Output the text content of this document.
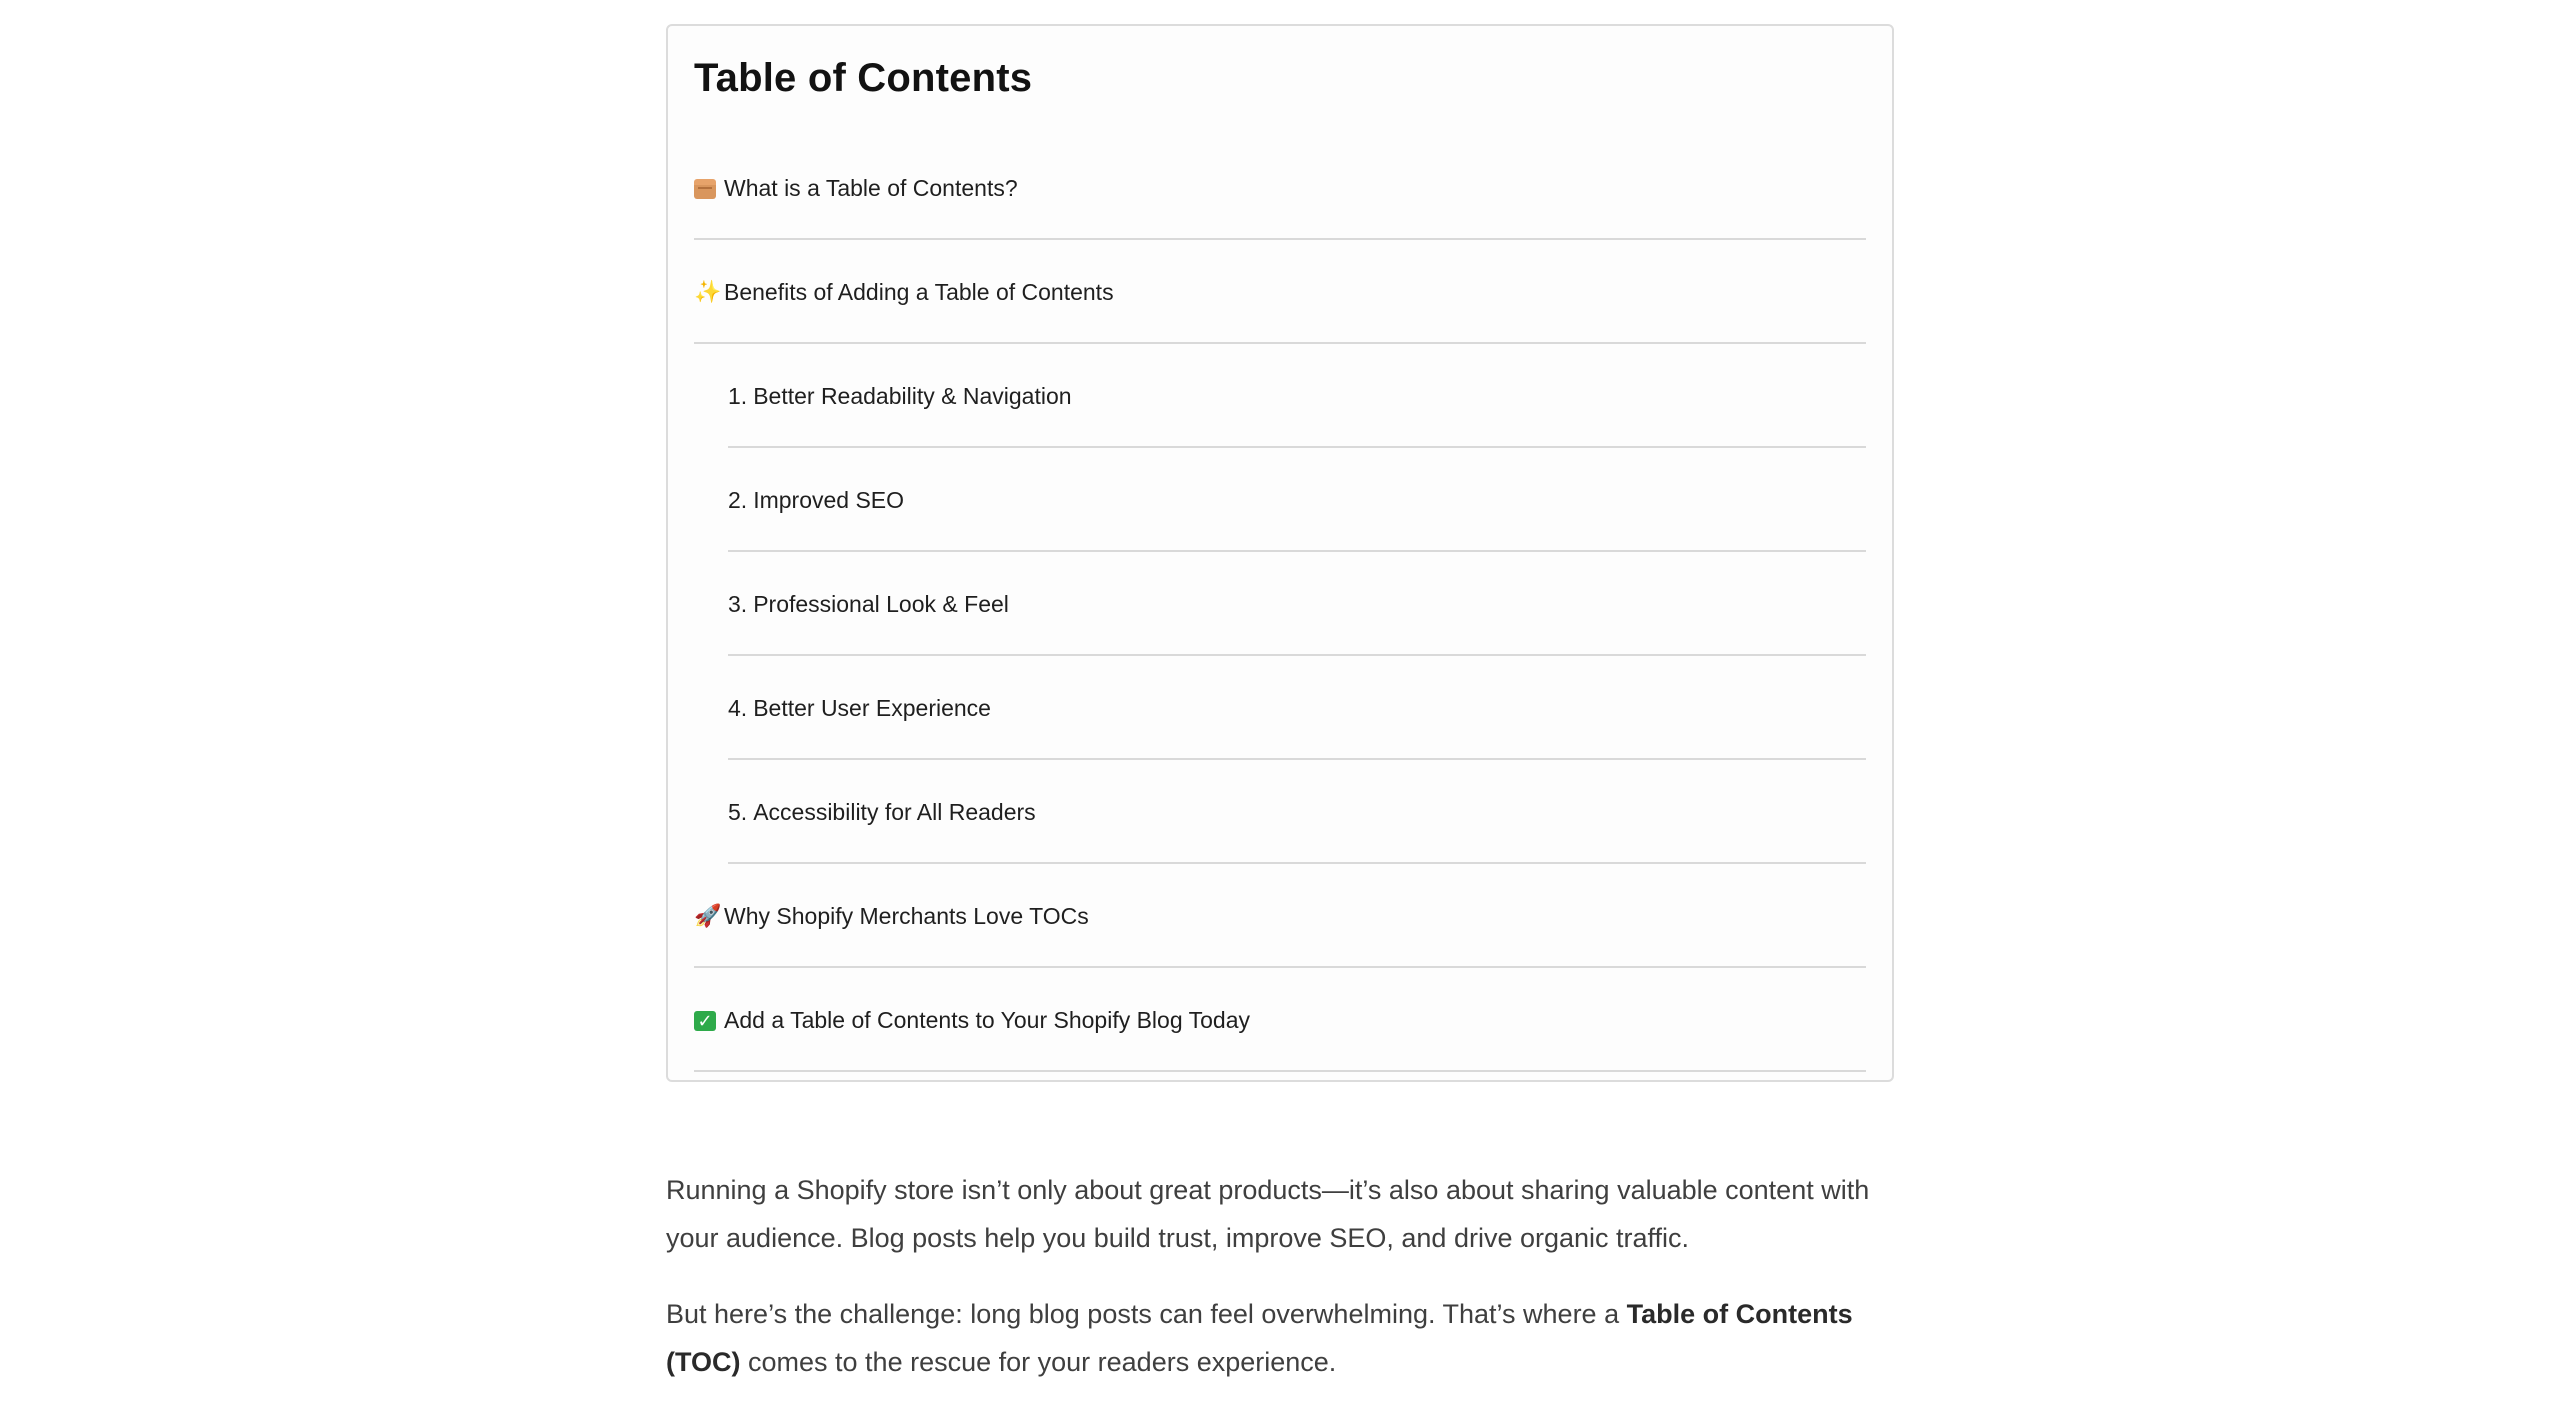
Table of Contents
What is a Table of Contents?
✨ Benefits of Adding a Table of Contents
1. Better Readability & Navigation
2. Improved SEO
3. Professional Look & Feel
4. Better User Experience
5. Accessibility for All Readers
🚀 Why Shopify Merchants Love TOCs
✓ Add a Table of Contents to Your Shopify Blog Today

Running a Shopify store isn’t only about great products—it’s also about sharing valuable content with your audience. Blog posts help you build trust, improve SEO, and drive organic traffic.

But here’s the challenge: long blog posts can feel overwhelming. That’s where a Table of Contents (TOC) comes to the rescue for your readers experience.
